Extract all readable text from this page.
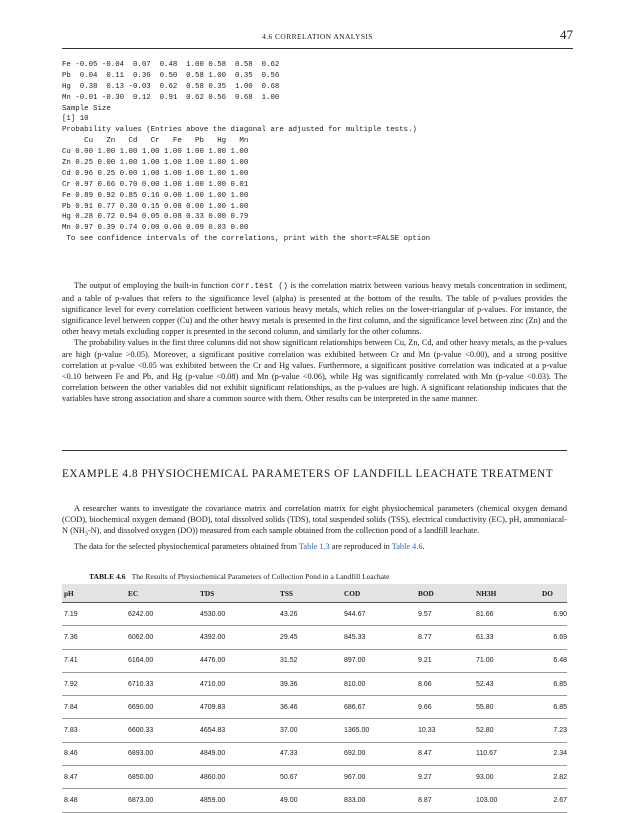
4.6 CORRELATION ANALYSIS	47
Fe -0.05 -0.04  0.07  0.48  1.00 0.58  0.58  0.62
Pb  0.04  0.11  0.36  0.50  0.58 1.00  0.35  0.56
Hg  0.38  0.13 -0.03  0.62  0.58 0.35  1.00  0.68
Mn -0.01 -0.30  0.12  0.91  0.62 0.56  0.68  1.00
Sample Size
[1] 10
Probability values (Entries above the diagonal are adjusted for multiple tests.)
Cu   Zn   Cd   Cr   Fe   Pb   Hg   Mn
Cu 0.00 1.00 1.00 1.00 1.00 1.00 1.00 1.00
Zn 0.25 0.00 1.00 1.00 1.00 1.00 1.00 1.00
Cd 0.96 0.25 0.00 1.00 1.00 1.00 1.00 1.00
Cr 0.97 0.66 0.70 0.00 1.00 1.00 1.00 0.01
Fe 0.89 0.92 0.85 0.16 0.00 1.00 1.00 1.00
Pb 0.91 0.77 0.30 0.15 0.08 0.00 1.00 1.00
Hg 0.28 0.72 0.94 0.05 0.08 0.33 0.00 0.79
Mn 0.97 0.39 0.74 0.00 0.06 0.09 0.03 0.00
To see confidence intervals of the correlations, print with the short=FALSE option

The output of employing the built-in function corr.test () is the correlation matrix between various heavy metals concentration in sediment, and a table of p-values that refers to the significance level (alpha) is presented at the bottom of the results. The table of p-values provides the significance level for every correlation coefficient between various heavy metals, which relies on the lower-triangular of p-values. For instance, the significance level between copper (Cu) and the other heavy metals is presented in the first column, and the significance level between zinc (Zn) and the other heavy metals excluding copper is presented in the second column, and similarly for the other columns.

The probability values in the first three columns did not show significant relationships between Cu, Zn, Cd, and other heavy metals, as the p-values are high (p-value >0.05). Moreover, a significant positive correlation was exhibited between Cr and Mn (p-value <0.00), and a strong positive correlation at p-value <0.05 was exhibited between the Cr and Hg values. Furthermore, a significant positive correlation was indicated at a p-value <0.10 between Fe and Pb, and Hg (p-value <0.08) and Mn (p-value <0.06), while Hg was significantly correlated with Mn (p-value <0.03). The correlation between the other variables did not exhibit significant relationships, as the p-values are high. A significant relationship indicates that the variables have strong association and share a common source with them. Other results can be interpreted in the same manner.

EXAMPLE 4.8 PHYSIOCHEMICAL PARAMETERS OF LANDFILL LEACHATE TREATMENT

A researcher wants to investigate the covariance matrix and correlation matrix for eight physiochemical parameters (chemical oxygen demand (COD), biochemical oxygen demand (BOD), total dissolved solids (TDS), total suspended solids (TSS), electrical conductivity (EC), pH, ammoniacal-N $(NH_3-N)$, and dissolved oxygen (DO)) measured from each sample obtained from the collection pond of a landfill leachate.

The data for the selected physiochemical parameters obtained from Table 1.3 are reproduced in Table 4.6.

TABLE 4.6 The Results of Physiochemical Parameters of Collection Pond in a Landfill Leachate
pH	EC	TDS	TSS	COD	BOD	NH3H	DO
7.19	6242.00	4530.00	43.26	944.67	9.57	81.66	6.90
7.36	6062.00	4392.00	29.45	845.33	8.77	61.33	6.69
7.41	6164.00	4476.00	31.52	897.00	9.21	71.00	6.48
7.92	6710.33	4710.00	39.36	810.00	8.66	52.43	6.85
7.84	6690.00	4709.83	36.46	686.67	9.66	55.80	6.85
7.83	6600.33	4654.83	37.00	1365.00	10.33	52.80	7.23
8.46	6893.00	4849.00	47.33	692.00	8.47	110.67	2.34
8.47	6850.00	4860.00	50.67	967.00	9.27	93.00	2.82
8.48	6873.00	4859.00	49.00	833.00	8.87	103.00	2.67
